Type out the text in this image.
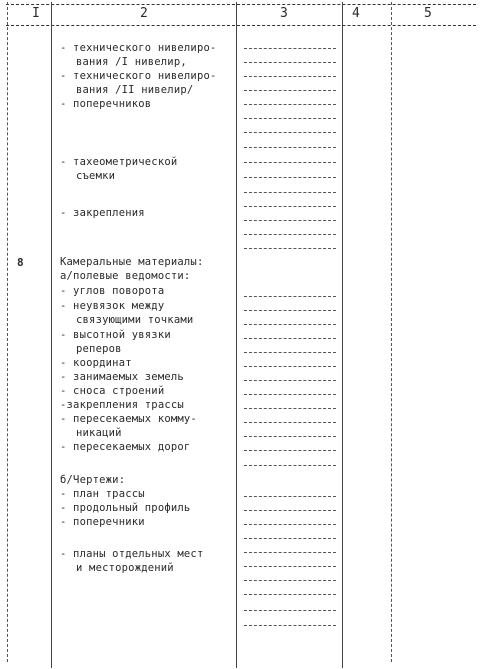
I	2	3	4	5
8
- технического нивелиро-
вания /I нивелир,
- технического нивелиро-
вания /II нивелир/
- поперечников
- тахеометрической
съемки
- закрепления
Камеральные материалы:
а/полевые ведомости:
- углов поворота
- неувязок между
связующими точками
- высотной увязки
реперов
- координат
- занимаемых земель
- сноса строений
-закрепления трассы
- пересекаемых комму-
никаций
- пересекаемых дорог
б/Чертежи:
- план трассы
- продольный профиль
- поперечники
- планы отдельных мест
и месторождений
